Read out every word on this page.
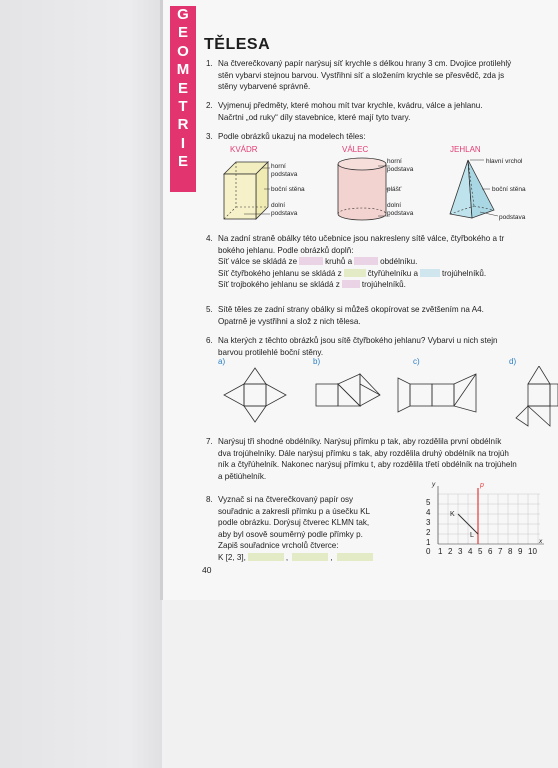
G
E
O
M
E
T
R
I
E
TĚLESA
1. Na čtverečkovaný papír narýsuj síť krychle s délkou hrany 3 cm. Dvojice protilehlý
stěn vybarvi stejnou barvou. Vystřihni síť a složením krychle se přesvědč, zda js
stěny vybarvené správně.
2. Vyjmenuj předměty, které mohou mít tvar krychle, kvádru, válce a jehlanu.
Načrtni „od ruky“ díly stavebnice, které mají tyto tvary.
3. Podle obrázků ukazuj na modelech těles:
KVÁDR	VÁLEC	JEHLAN
horní podstava
boční stěna
dolní podstava
horní podstava
plášť
dolní podstava
hlavní vrchol
boční stěna
podstava
4. Na zadní straně obálky této učebnice jsou nakresleny sítě válce, čtyřbokého a tr
bokého jehlanu. Podle obrázků doplň:
Síť válce se skládá ze	kruhů a	obdélníku.
Síť čtyřbokého jehlanu se skládá z	čtyřúhelníku a	trojúhelníků.
Síť trojbokého jehlanu se skládá z	trojúhelníků.
5. Sítě těles ze zadní strany obálky si můžeš okopírovat se zvětšením na A4.
Opatrně je vystřihni a slož z nich tělesa.
6. Na kterých z těchto obrázků jsou sítě čtyřbokého jehlanu? Vybarvi u nich stejn
barvou protilehlé boční stěny.
a)	b)	c)	d)
7. Narýsuj tři shodné obdélníky. Narýsuj přímku p tak, aby rozdělila první obdélník
dva trojúhelníky. Dále narýsuj přímku s tak, aby rozdělila druhý obdélník na trojúh
ník a čtyřúhelník. Nakonec narýsuj přímku t, aby rozdělila třetí obdélník na trojúheln
a pětiúhelník.
8. Vyznač si na čtverečkovaný papír osy
souřadnic a zakresli přímku p a úsečku KL
podle obrázku. Dorýsuj čtverec KLMN tak,
aby byl osově souměrný podle přímky p.
Zapiš souřadnice vrcholů čtverce:
K [2, 3],	,	,
y	p
K
L
x

5
4
3
2
1

0 1 2 3 4 5 6 7 8 9 10
40
